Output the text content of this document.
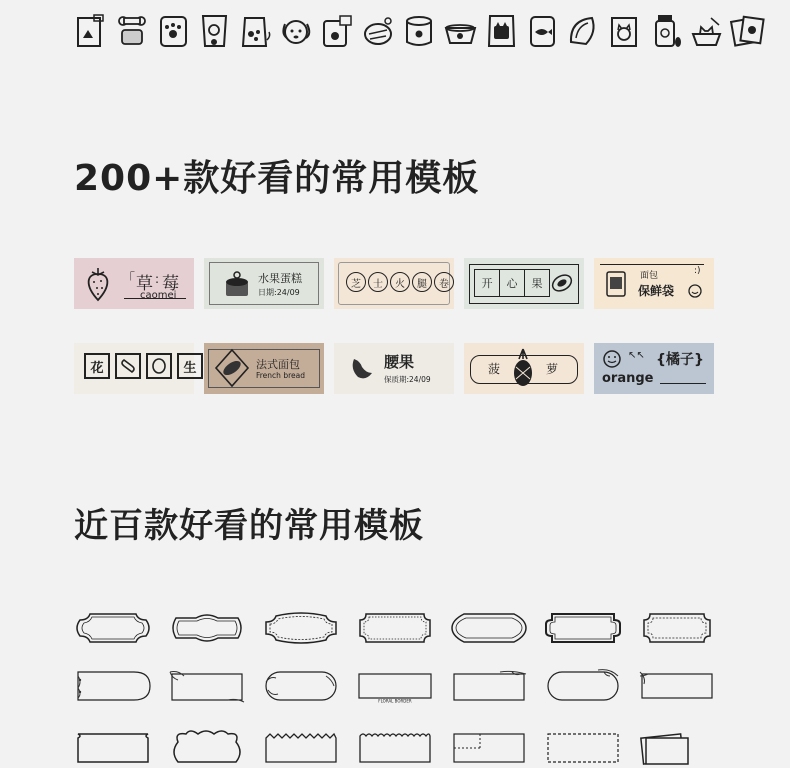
200+款好看的常用模板
「 草 : 莓
caomei
水果蛋糕
日期:24/09
芝	士	火	腿	卷	开	心	果
面包
保鲜袋
:)
花	生	法式面包
French bread
腰果
保质期:24/09
菠	萝
↖↖ {橘子}
orange
近百款好看的常用模板
FLORAL BORDER
